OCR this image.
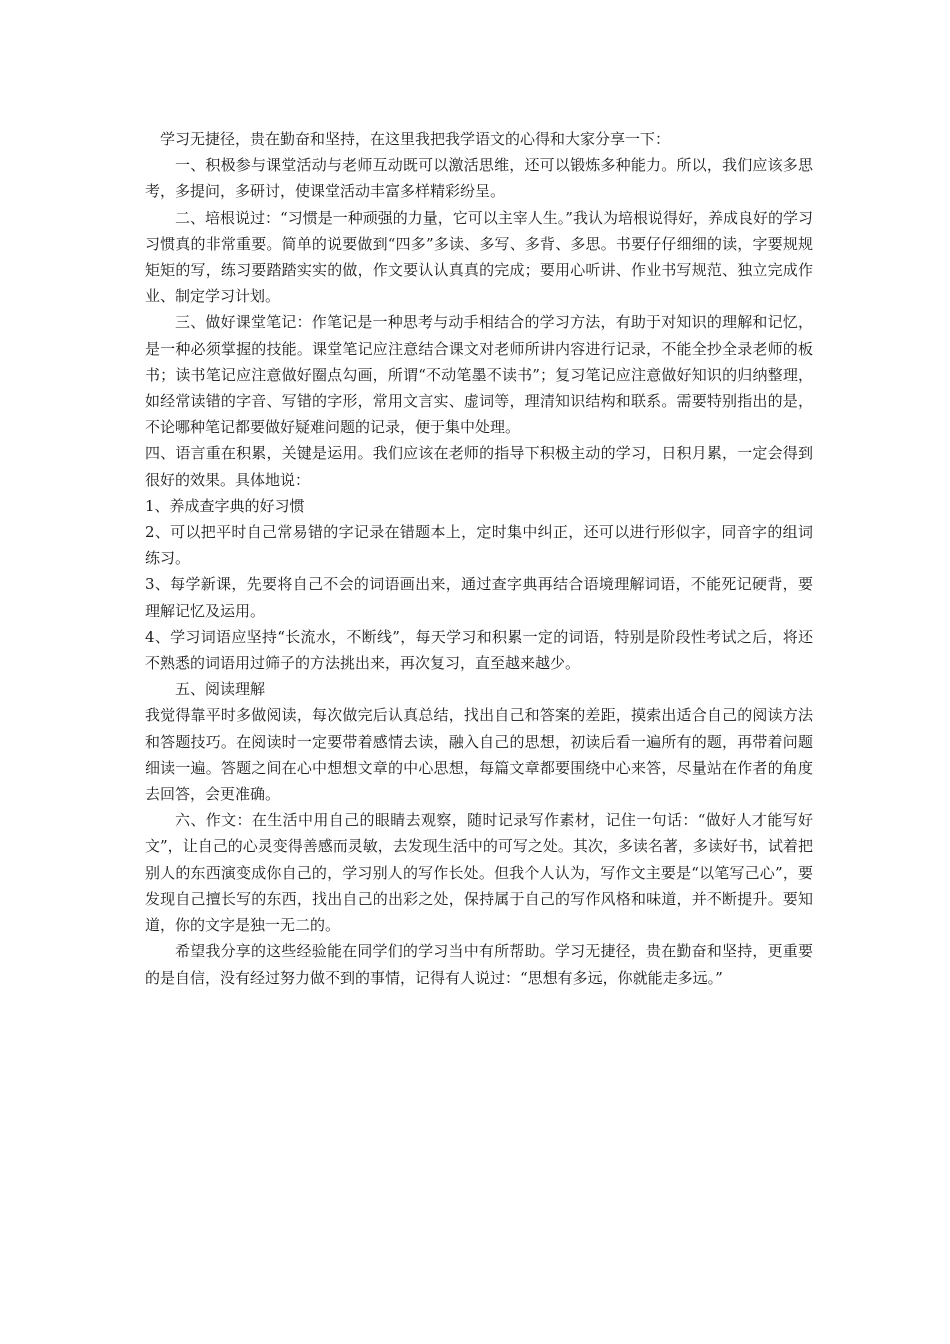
学习无捷径，贵在勤奋和坚持，在这里我把我学语文的心得和大家分享一下：

一、积极参与课堂活动与老师互动既可以激活思维，还可以锻炼多种能力。所以，我们应该多思考，多提问，多研讨，使课堂活动丰富多样精彩纷呈。

二、培根说过：“习惯是一种顽强的力量，它可以主宰人生。”我认为培根说得好，养成良好的学习习惯真的非常重要。简单的说要做到“四多”多读、多写、多背、多思。书要仔仔细细的读，字要规规矩矩的写，练习要踏踏实实的做，作文要认认真真的完成；要用心听讲、作业书写规范、独立完成作业、制定学习计划。

三、做好课堂笔记：作笔记是一种思考与动手相结合的学习方法，有助于对知识的理解和记忆，是一种必须掌握的技能。课堂笔记应注意结合课文对老师所讲内容进行记录，不能全抄全录老师的板书；读书笔记应注意做好圈点勾画，所谓“不动笔墨不读书”；复习笔记应注意做好知识的归纳整理，如经常读错的字音、写错的字形，常用文言实、虚词等，理清知识结构和联系。需要特别指出的是，不论哪种笔记都要做好疑难问题的记录，便于集中处理。

四、语言重在积累，关键是运用。我们应该在老师的指导下积极主动的学习，日积月累，一定会得到很好的效果。具体地说：

1、养成查字典的好习惯

2、可以把平时自己常易错的字记录在错题本上，定时集中纠正，还可以进行形似字，同音字的组词练习。

3、每学新课，先要将自己不会的词语画出来，通过查字典再结合语境理解词语，不能死记硬背，要理解记忆及运用。

4、学习词语应坚持“长流水，不断线”，每天学习和积累一定的词语，特别是阶段性考试之后，将还不熟悉的词语用过筛子的方法挑出来，再次复习，直至越来越少。

五、阅读理解

我觉得靠平时多做阅读，每次做完后认真总结，找出自己和答案的差距，摸索出适合自己的阅读方法和答题技巧。在阅读时一定要带着感情去读，融入自己的思想，初读后看一遍所有的题，再带着问题细读一遍。答题之间在心中想想文章的中心思想，每篇文章都要围绕中心来答，尽量站在作者的角度去回答，会更准确。

六、作文：在生活中用自己的眼睛去观察，随时记录写作素材，记住一句话：“做好人才能写好文”，让自己的心灵变得善感而灵敏，去发现生活中的可写之处。其次，多读名著，多读好书，试着把别人的东西演变成你自己的，学习别人的写作长处。但我个人认为，写作文主要是“以笔写己心”，要发现自己擅长写的东西，找出自己的出彩之处，保持属于自己的写作风格和味道，并不断提升。要知道，你的文字是独一无二的。

希望我分享的这些经验能在同学们的学习当中有所帮助。学习无捷径，贵在勤奋和坚持，更重要的是自信，没有经过努力做不到的事情，记得有人说过：“思想有多远，你就能走多远。”
